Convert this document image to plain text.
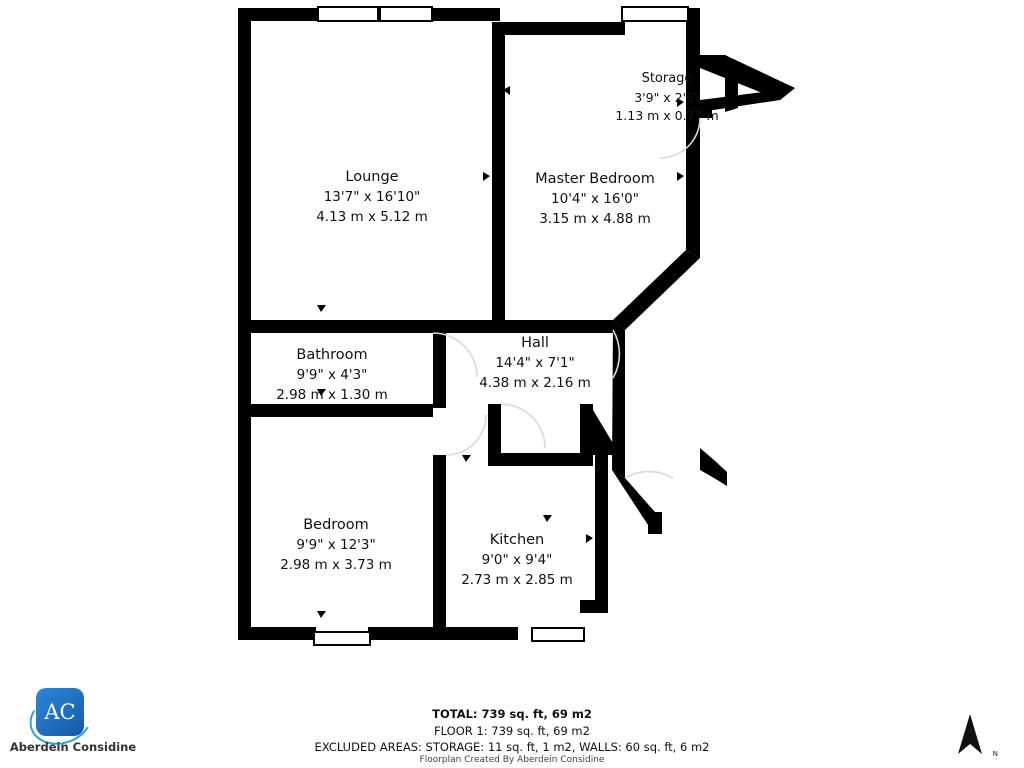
Lounge
13'7" x 16'10"
4.13 m x 5.12 m
Master Bedroom
10'4" x 16'0"
3.15 m x 4.88 m
Storage
3'9" x 2'6"
1.13 m x 0.77 m
Bathroom
9'9" x 4'3"
2.98 m x 1.30 m
Hall
14'4" x 7'1"
4.38 m x 2.16 m
Bedroom
9'9" x 12'3"
2.98 m x 3.73 m
Kitchen
9'0" x 9'4"
2.73 m x 2.85 m
TOTAL: 739 sq. ft, 69 m2
FLOOR 1: 739 sq. ft, 69 m2
EXCLUDED AREAS: STORAGE: 11 sq. ft, 1 m2, WALLS: 60 sq. ft, 6 m2
Floorplan Created By Aberdein Considine
AC
Aberdein Considine	N
